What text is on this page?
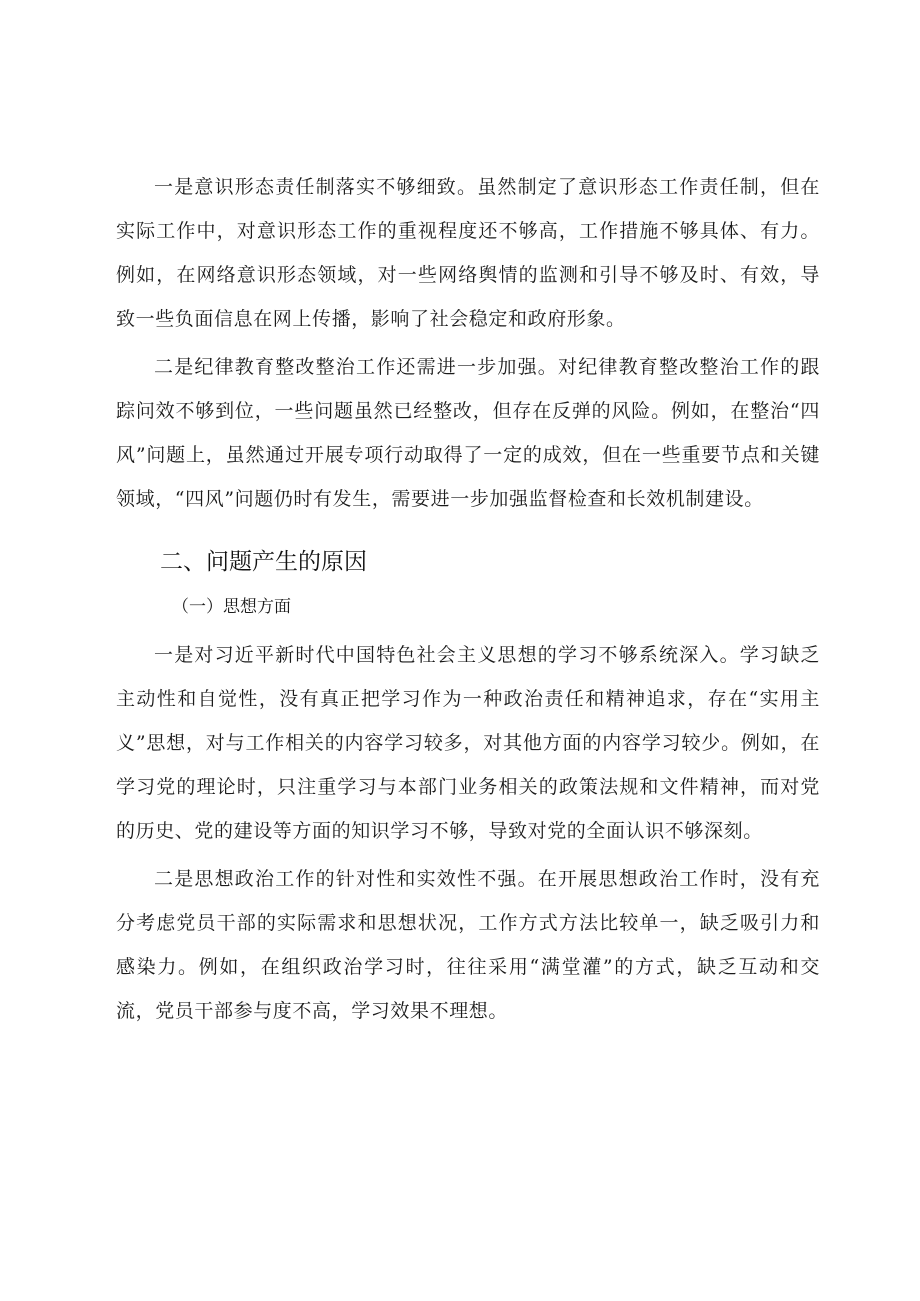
一是意识形态责任制落实不够细致。虽然制定了意识形态工作责任制，但在实际工作中，对意识形态工作的重视程度还不够高，工作措施不够具体、有力。例如，在网络意识形态领域，对一些网络舆情的监测和引导不够及时、有效，导致一些负面信息在网上传播，影响了社会稳定和政府形象。

二是纪律教育整改整治工作还需进一步加强。对纪律教育整改整治工作的跟踪问效不够到位，一些问题虽然已经整改，但存在反弹的风险。例如，在整治“四风”问题上，虽然通过开展专项行动取得了一定的成效，但在一些重要节点和关键领域，“四风”问题仍时有发生，需要进一步加强监督检查和长效机制建设。

二、问题产生的原因
（一）思想方面

一是对习近平新时代中国特色社会主义思想的学习不够系统深入。学习缺乏主动性和自觉性，没有真正把学习作为一种政治责任和精神追求，存在“实用主义”思想，对与工作相关的内容学习较多，对其他方面的内容学习较少。例如，在学习党的理论时，只注重学习与本部门业务相关的政策法规和文件精神，而对党的历史、党的建设等方面的知识学习不够，导致对党的全面认识不够深刻。

二是思想政治工作的针对性和实效性不强。在开展思想政治工作时，没有充分考虑党员干部的实际需求和思想状况，工作方式方法比较单一，缺乏吸引力和感染力。例如，在组织政治学习时，往往采用“满堂灌”的方式，缺乏互动和交流，党员干部参与度不高，学习效果不理想。
